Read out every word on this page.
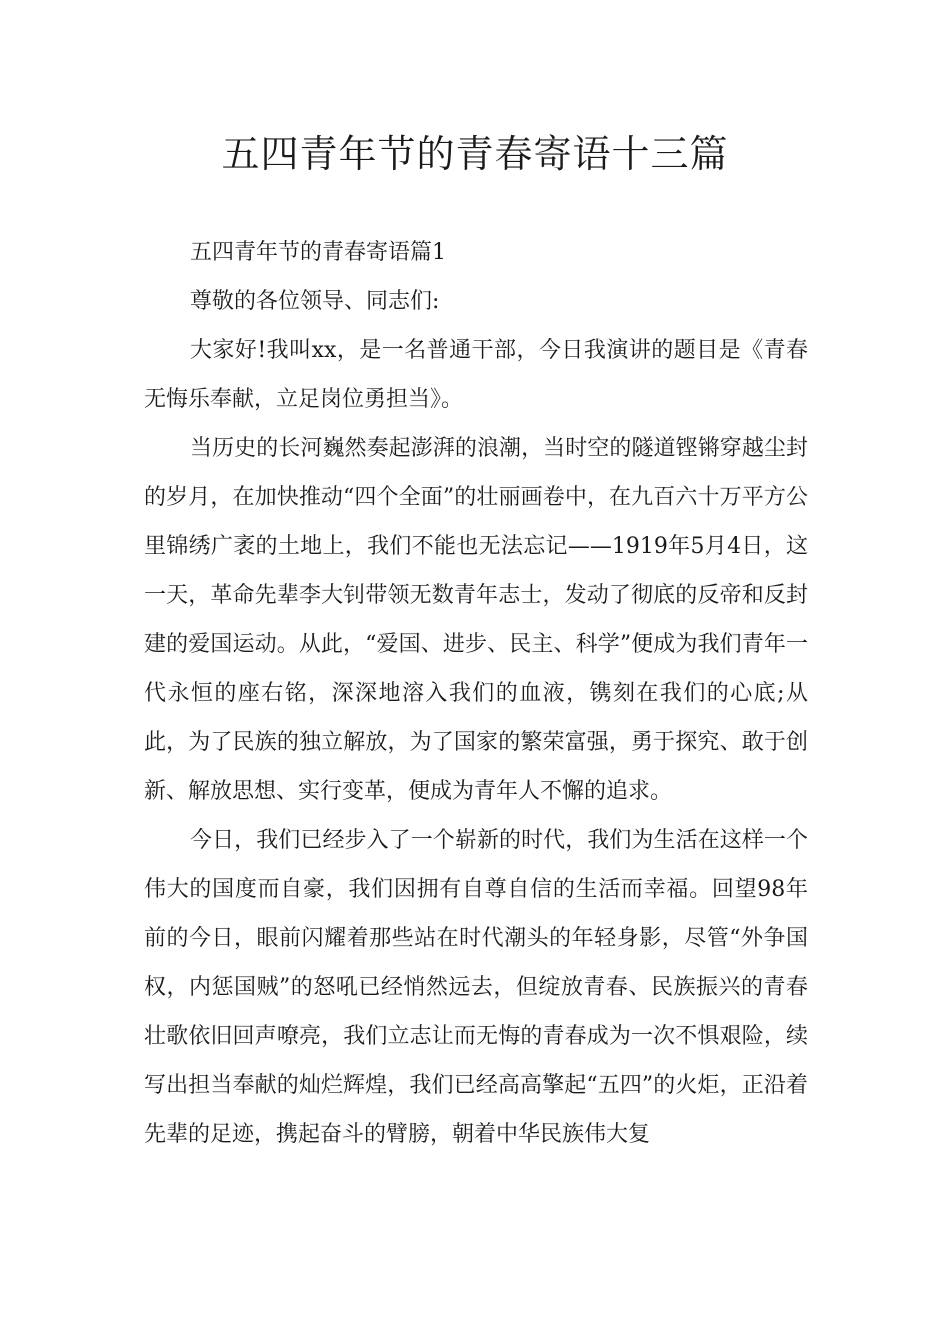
五四青年节的青春寄语十三篇

五四青年节的青春寄语篇1

尊敬的各位领导、同志们:

大家好!我叫xx，是一名普通干部，今日我演讲的题目是《青春无悔乐奉献，立足岗位勇担当》。

当历史的长河巍然奏起澎湃的浪潮，当时空的隧道铿锵穿越尘封的岁月，在加快推动“四个全面”的壮丽画卷中，在九百六十万平方公里锦绣广袤的土地上，我们不能也无法忘记——1919年5月4日，这一天，革命先辈李大钊带领无数青年志士，发动了彻底的反帝和反封建的爱国运动。从此，“爱国、进步、民主、科学”便成为我们青年一代永恒的座右铭，深深地溶入我们的血液，镌刻在我们的心底;从此，为了民族的独立解放，为了国家的繁荣富强，勇于探究、敢于创新、解放思想、实行变革，便成为青年人不懈的追求。

今日，我们已经步入了一个崭新的时代，我们为生活在这样一个伟大的国度而自豪，我们因拥有自尊自信的生活而幸福。回望98年前的今日，眼前闪耀着那些站在时代潮头的年轻身影，尽管“外争国权，内惩国贼”的怒吼已经悄然远去，但绽放青春、民族振兴的青春壮歌依旧回声嘹亮，我们立志让而无悔的青春成为一次不惧艰险，续写出担当奉献的灿烂辉煌，我们已经高高擎起“五四”的火炬，正沿着先辈的足迹，携起奋斗的臂膀，朝着中华民族伟大复
